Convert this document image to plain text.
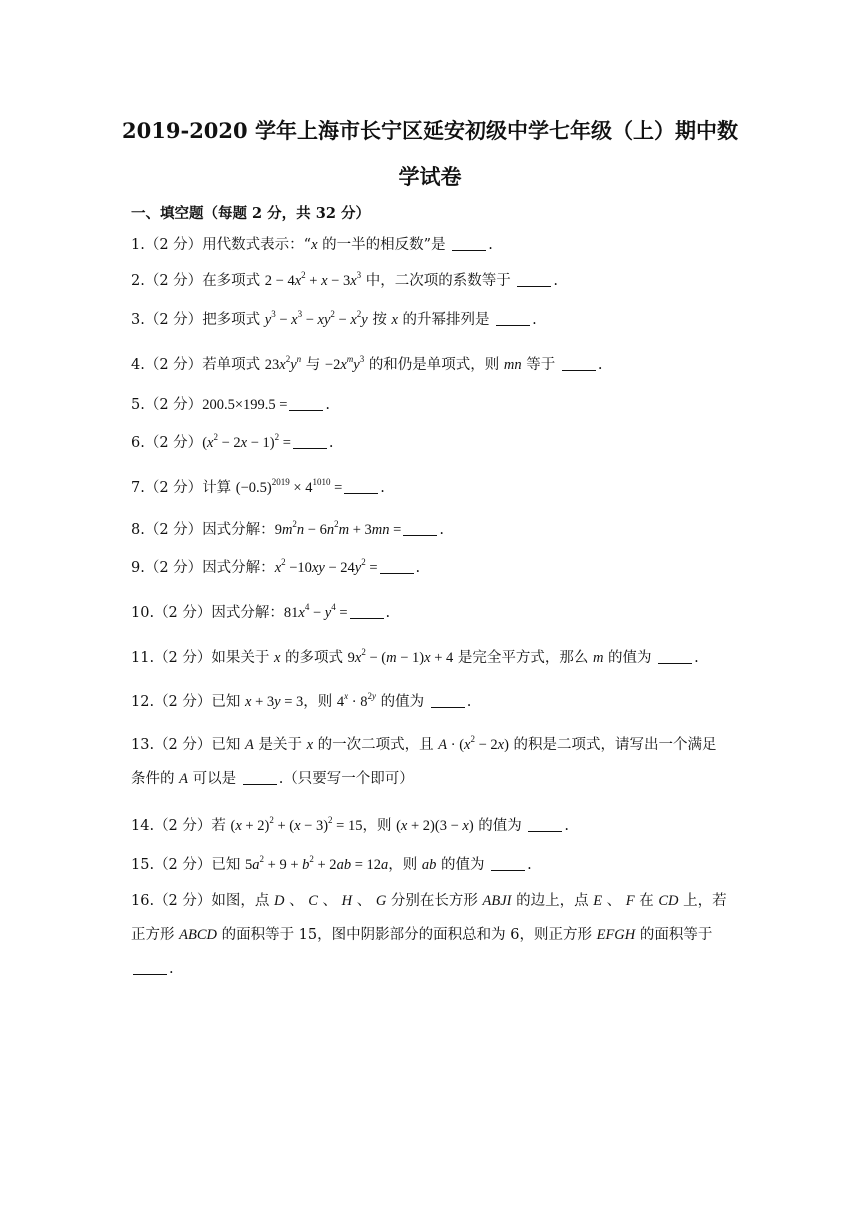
2019-2020 学年上海市长宁区延安初级中学七年级（上）期中数
学试卷
一、填空题（每题 2 分，共 32 分）
1.（2 分）用代数式表示：“x 的一半的相反数”是	.
2.（2 分）在多项式 $2 - 4x^2 + x - 3x^3$ 中，二次项的系数等于	.
3.（2 分）把多项式 $y^3 - x^3 - xy^2 - x^2y$ 按 x 的升幂排列是	.
4.（2 分）若单项式 $23x^2y^n$ 与 $-2x^my^3$ 的和仍是单项式，则 mn 等于	.
5.（2 分）200.5×199.5 =	.
6.（2 分）$(x^2 - 2x - 1)^2$ =	.
7.（2 分）计算 $(-0.5)^{2019} \times 4^{1010}$ =	.
8.（2 分）因式分解：$9m^2n - 6n^2m + 3mn$ =	.
9.（2 分）因式分解：$x^2 -10xy - 24y^2$ =	.
10.（2 分）因式分解：$81x^4 - y^4$ =	.
11.（2 分）如果关于 x 的多项式 $9x^2 - (m - 1)x + 4$ 是完全平方式，那么 m 的值为	.
12.（2 分）已知 x + 3y = 3，则 $4^x \cdot 8^{2y}$ 的值为	.
13.（2 分）已知 A 是关于 x 的一次二项式，且 $A \cdot (x^2 - 2x)$ 的积是二项式，请写出一个满足条件的 A 可以是	.（只要写一个即可）
14.（2 分）若 $(x + 2)^2 + (x - 3)^2 = 15$，则 (x + 2)(3 − x) 的值为	.
15.（2 分）已知 $5a^2 + 9 + b^2 + 2ab = 12a$，则 ab 的值为	.
16.（2 分）如图，点 D 、 C 、 H 、 G 分别在长方形 ABJI 的边上，点 E 、 F 在 CD 上，若正方形 ABCD 的面积等于 15，图中阴影部分的面积总和为 6，则正方形 EFGH 的面积等于 .
